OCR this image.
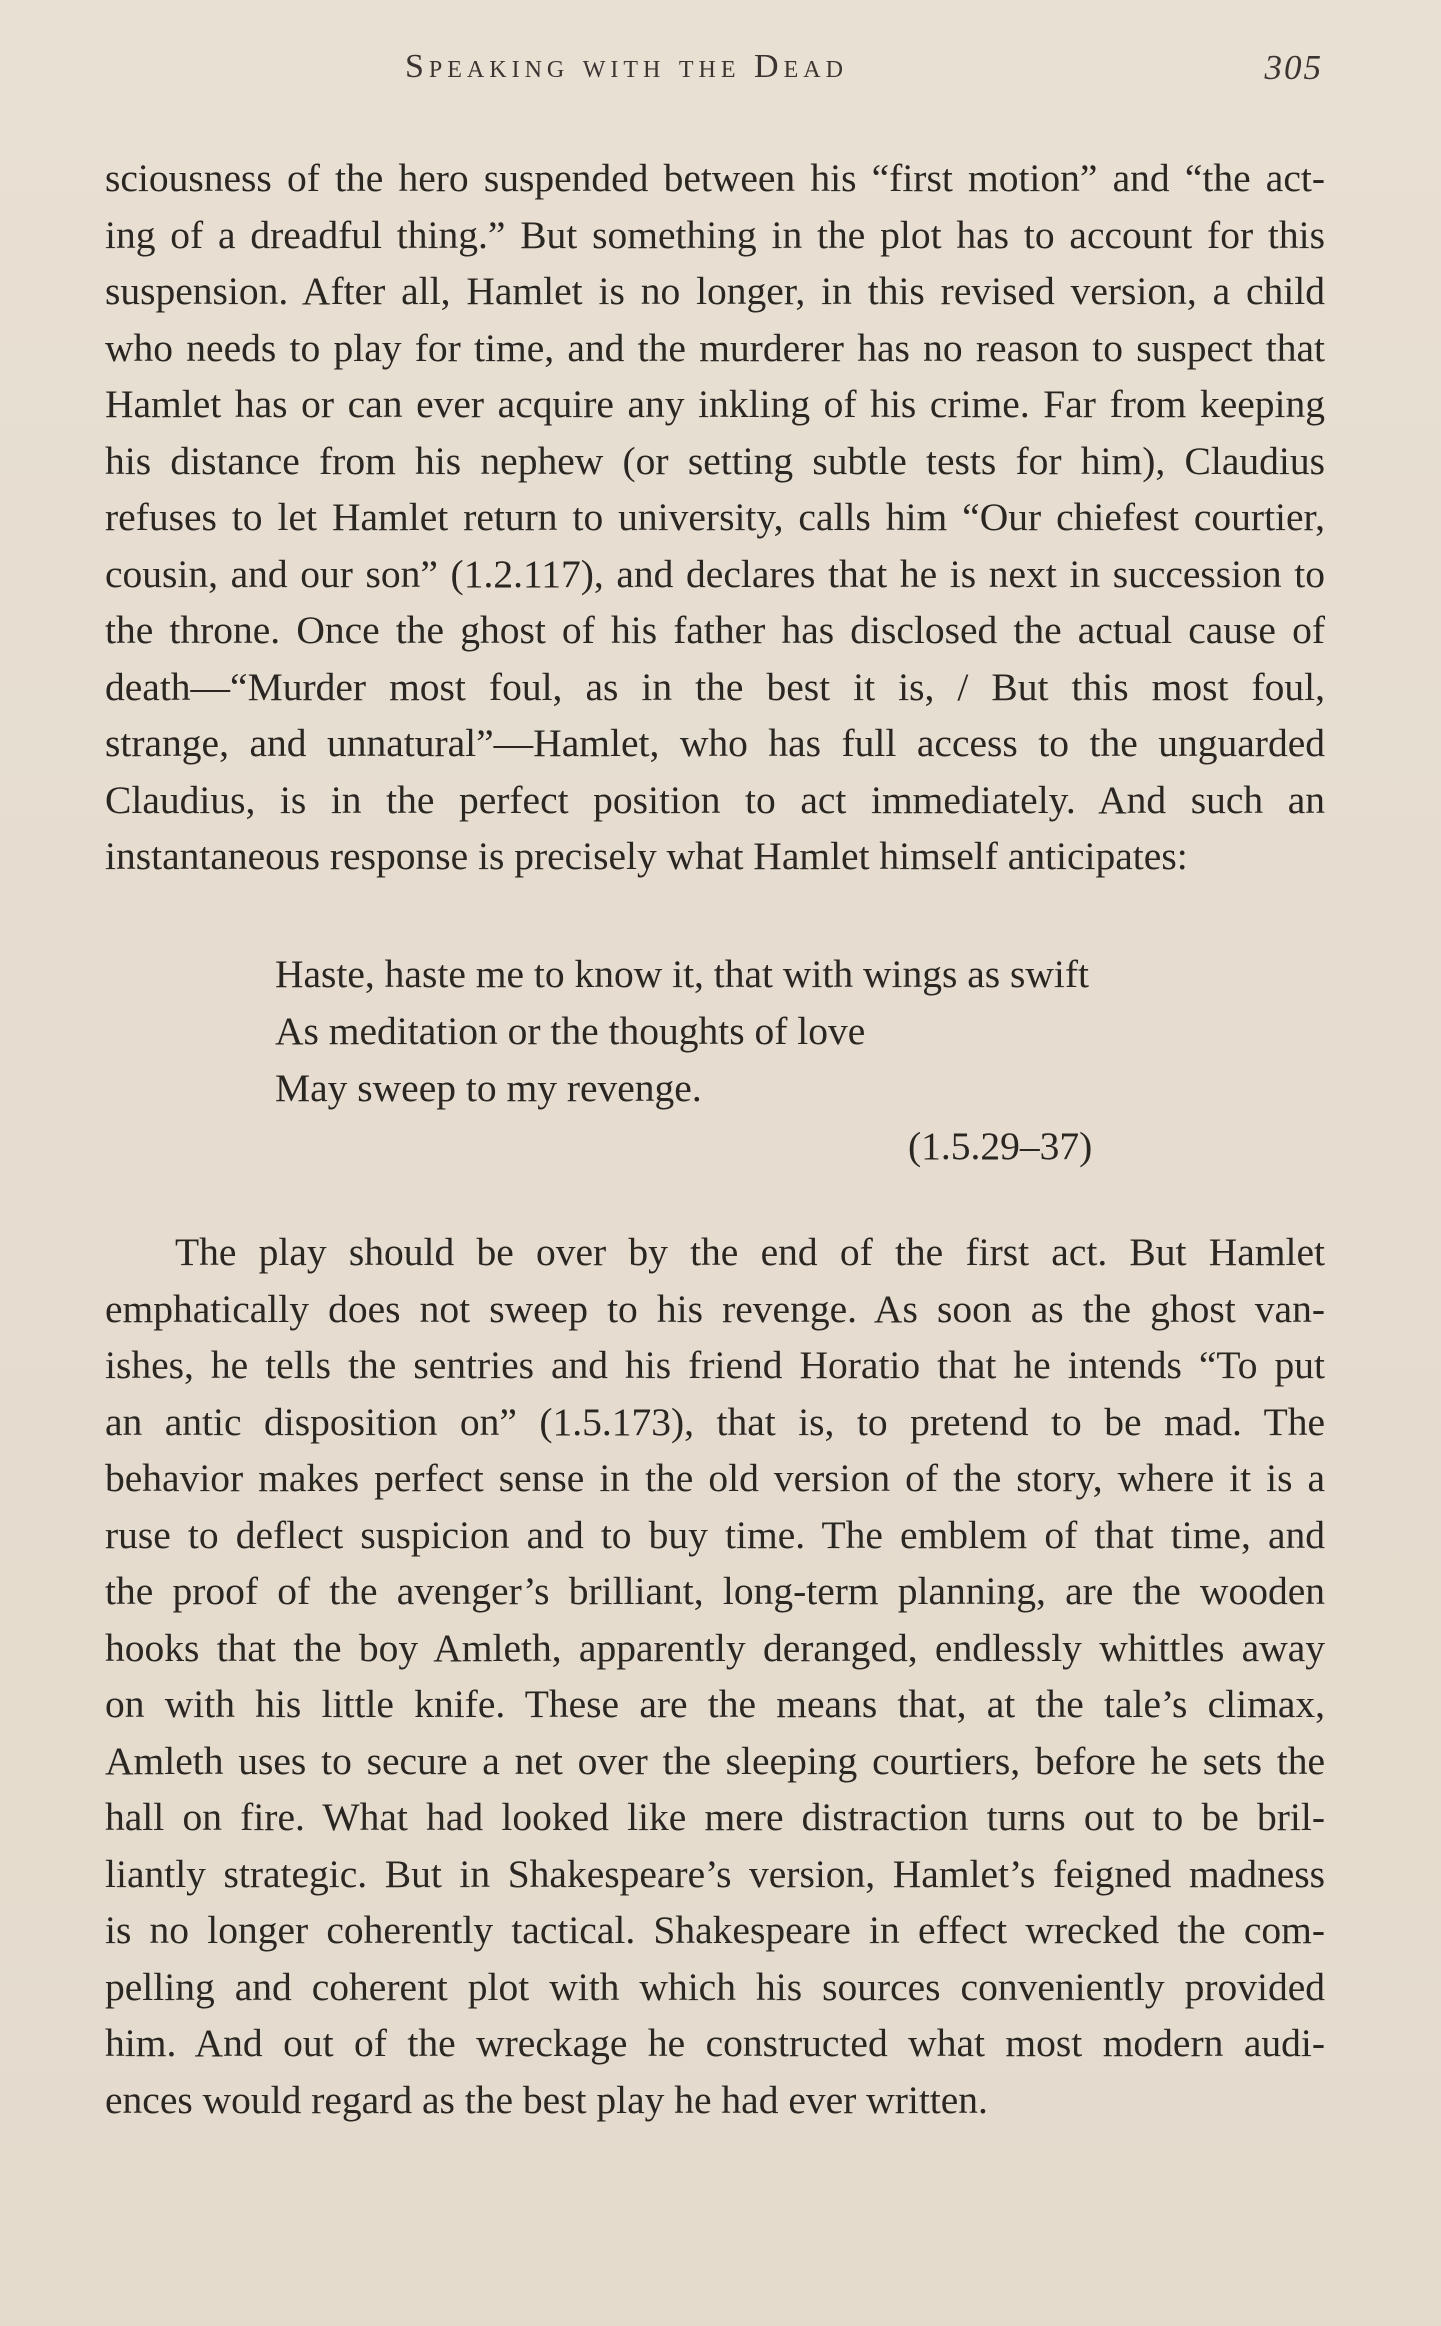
Speaking with the Dead	305
sciousness of the hero suspended between his “first motion” and “the act-
ing of a dreadful thing.” But something in the plot has to account for this
suspension. After all, Hamlet is no longer, in this revised version, a child
who needs to play for time, and the murderer has no reason to suspect that
Hamlet has or can ever acquire any inkling of his crime. Far from keeping
his distance from his nephew (or setting subtle tests for him), Claudius
refuses to let Hamlet return to university, calls him “Our chiefest courtier,
cousin, and our son” (1.2.117), and declares that he is next in succession to
the throne. Once the ghost of his father has disclosed the actual cause of
death—“Murder most foul, as in the best it is, / But this most foul,
strange, and unnatural”—Hamlet, who has full access to the unguarded
Claudius, is in the perfect position to act immediately. And such an
instantaneous response is precisely what Hamlet himself anticipates:
Haste, haste me to know it, that with wings as swift
As meditation or the thoughts of love
May sweep to my revenge.
(1.5.29–37)
The play should be over by the end of the first act. But Hamlet
emphatically does not sweep to his revenge. As soon as the ghost van-
ishes, he tells the sentries and his friend Horatio that he intends “To put
an antic disposition on” (1.5.173), that is, to pretend to be mad. The
behavior makes perfect sense in the old version of the story, where it is a
ruse to deflect suspicion and to buy time. The emblem of that time, and
the proof of the avenger’s brilliant, long-term planning, are the wooden
hooks that the boy Amleth, apparently deranged, endlessly whittles away
on with his little knife. These are the means that, at the tale’s climax,
Amleth uses to secure a net over the sleeping courtiers, before he sets the
hall on fire. What had looked like mere distraction turns out to be bril-
liantly strategic. But in Shakespeare’s version, Hamlet’s feigned madness
is no longer coherently tactical. Shakespeare in effect wrecked the com-
pelling and coherent plot with which his sources conveniently provided
him. And out of the wreckage he constructed what most modern audi-
ences would regard as the best play he had ever written.
